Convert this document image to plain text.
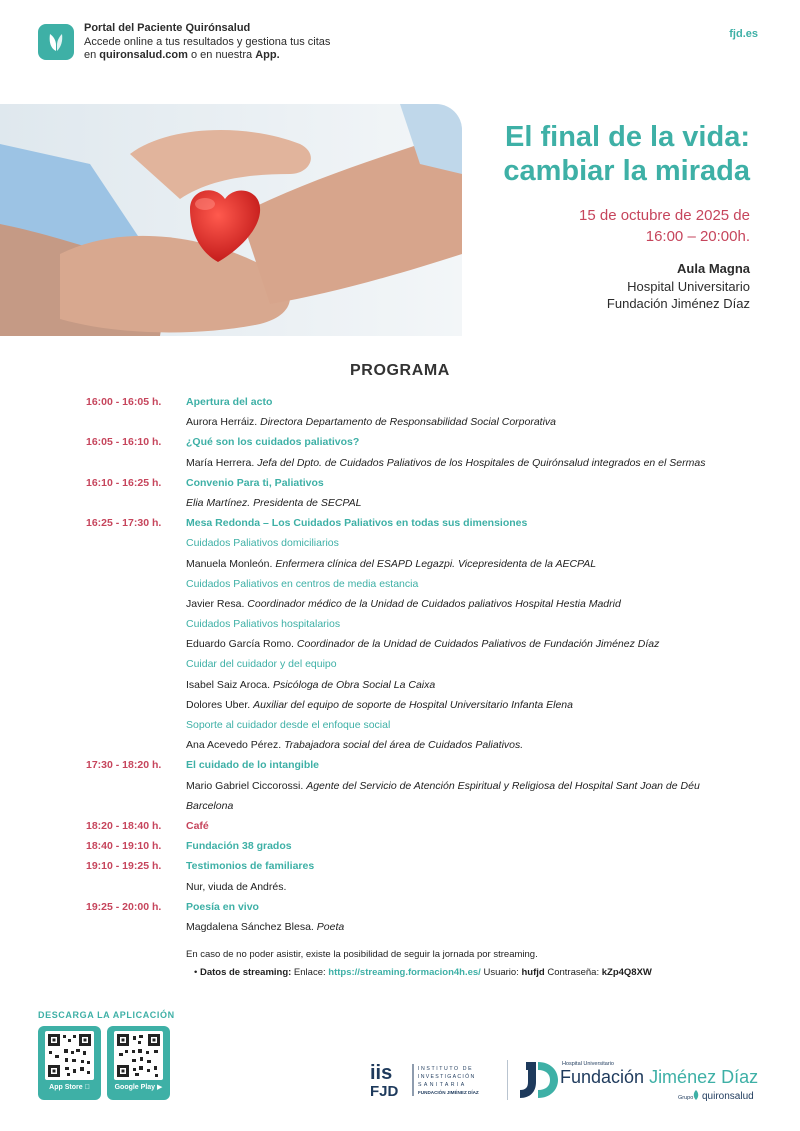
Portal del Paciente Quirónsalud
Accede online a tus resultados y gestiona tus citas
en quironsalud.com o en nuestra App.
fjd.es
El final de la vida:
cambiar la mirada
15 de octubre de 2025 de
16:00 – 20:00h.
Aula Magna
Hospital Universitario
Fundación Jiménez Díaz
PROGRAMA
16:00 - 16:05 h.	Apertura del acto
Aurora Herráiz. Directora Departamento de Responsabilidad Social Corporativa
16:05 - 16:10 h.	¿Qué son los cuidados paliativos?
María Herrera. Jefa del Dpto. de Cuidados Paliativos de los Hospitales de Quirónsalud integrados en el Sermas
16:10 - 16:25 h.	Convenio Para ti, Paliativos
Elia Martínez. Presidenta de SECPAL
16:25 - 17:30 h.	Mesa Redonda – Los Cuidados Paliativos en todas sus dimensiones
Cuidados Paliativos domiciliarios
Manuela Monleón. Enfermera clínica del ESAPD Legazpi. Vicepresidenta de la AECPAL
Cuidados Paliativos en centros de media estancia
Javier Resa. Coordinador médico de la Unidad de Cuidados paliativos Hospital Hestia Madrid
Cuidados Paliativos hospitalarios
Eduardo García Romo. Coordinador de la Unidad de Cuidados Paliativos de Fundación Jiménez Díaz
Cuidar del cuidador y del equipo
Isabel Saiz Aroca. Psicóloga de Obra Social La Caixa
Dolores Uber. Auxiliar del equipo de soporte de Hospital Universitario Infanta Elena
Soporte al cuidador desde el enfoque social
Ana Acevedo Pérez. Trabajadora social del área de Cuidados Paliativos.
17:30 - 18:20 h.	El cuidado de lo intangible
Mario Gabriel Ciccorossi. Agente del Servicio de Atención Espiritual y Religiosa del Hospital Sant Joan de Déu
Barcelona
18:20 - 18:40 h.	Café
18:40 - 19:10 h.	Fundación 38 grados
19:10 - 19:25 h.	Testimonios de familiares
Nur, viuda de Andrés.
19:25 - 20:00 h.	Poesía en vivo
Magdalena Sánchez Blesa. Poeta
En caso de no poder asistir, existe la posibilidad de seguir la jornada por streaming.
• Datos de streaming: Enlace: https://streaming.formacion4h.es/ Usuario: hufjd Contraseña: kZp4Q8XW
DESCARGA LA APLICACIÓN
App Store	Google Play ▶
iis
FJD
INSTITUTO DE
INVESTIGACIÓN
SANITARIA
FUNDACIÓN JIMÉNEZ DÍAZ
Hospital Universitario
Fundación Jiménez Díaz
Grupo quironsalud
